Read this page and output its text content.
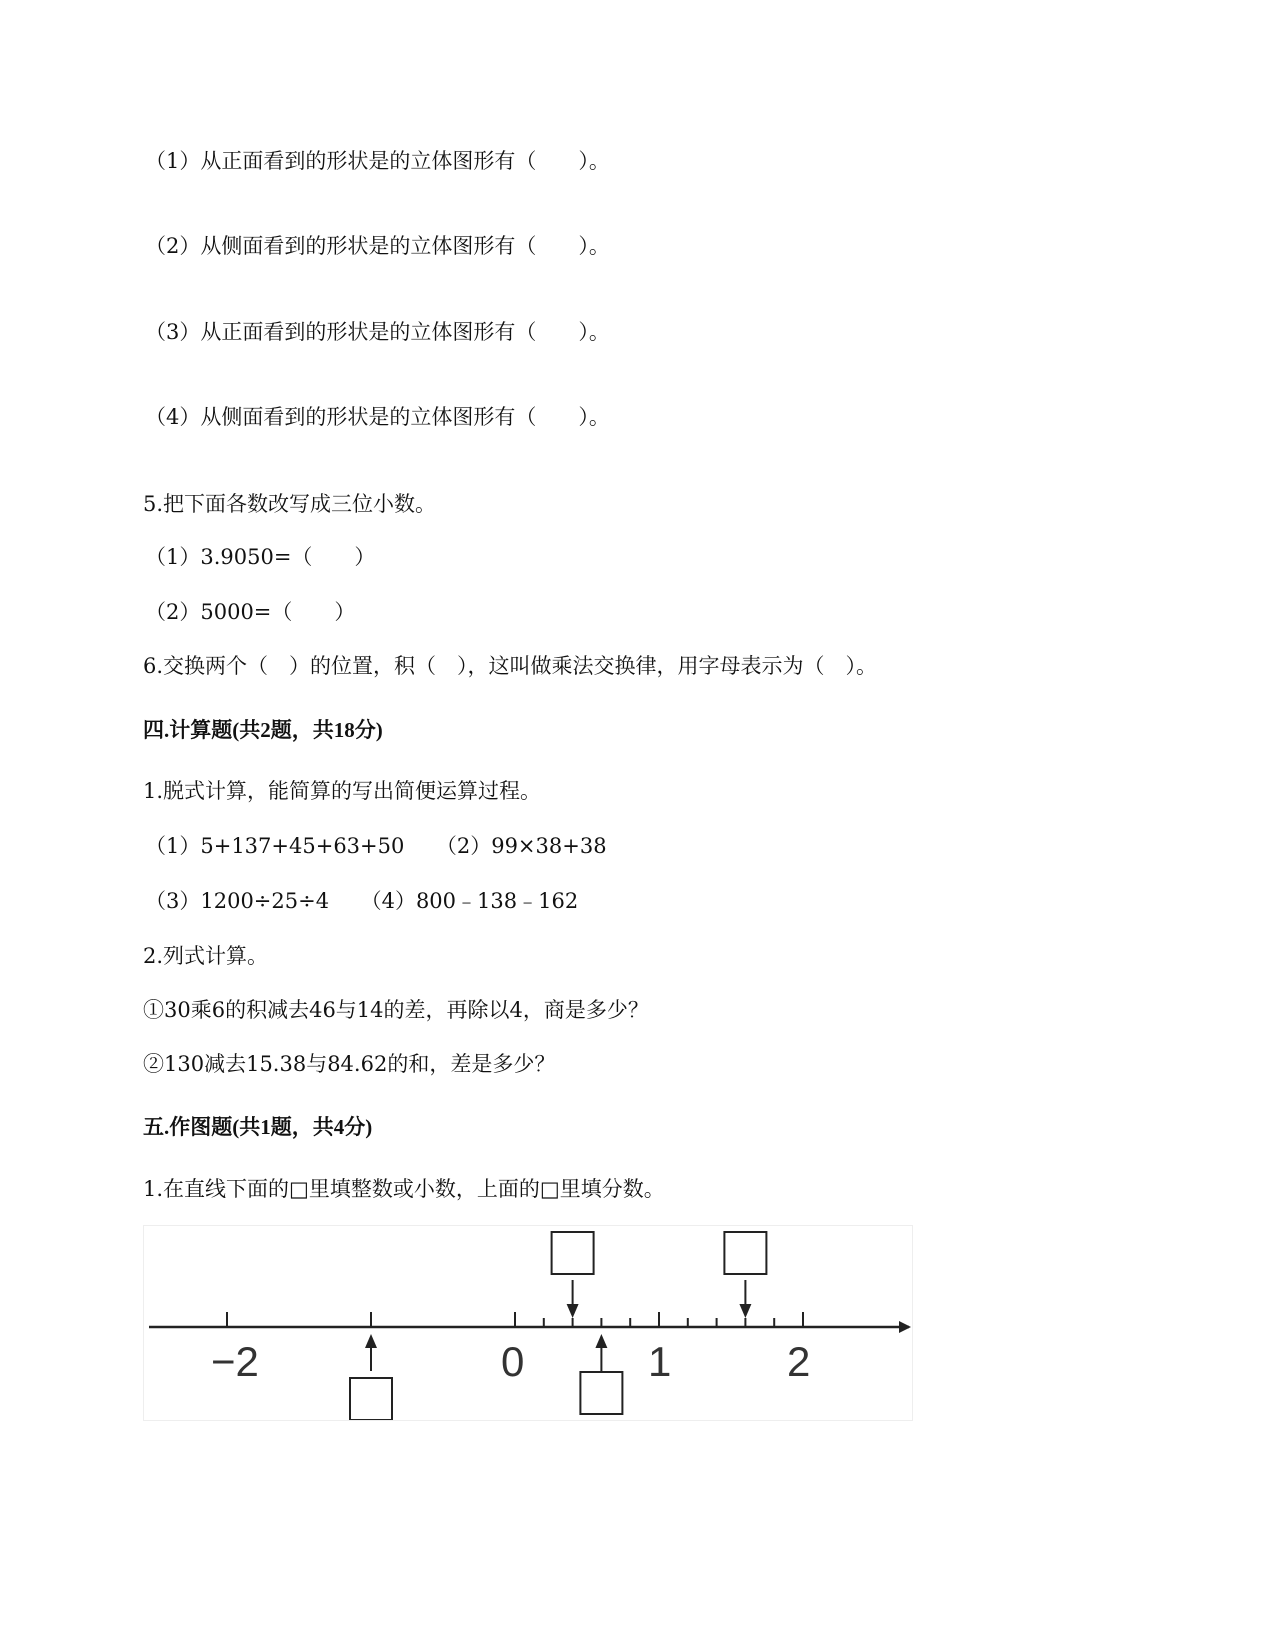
（1）从正面看到的形状是的立体图形有（　　）。
（2）从侧面看到的形状是的立体图形有（　　）。
（3）从正面看到的形状是的立体图形有（　　）。
（4）从侧面看到的形状是的立体图形有（　　）。
5.把下面各数改写成三位小数。
（1）3.9050=（　　）
（2）5000=（　　）
6.交换两个（　）的位置，积（　），这叫做乘法交换律，用字母表示为（　）。
四.计算题(共2题，共18分)
1.脱式计算，能简算的写出简便运算过程。
（1）5+137+45+63+50　　（2）99×38+38
（3）1200÷25÷4　　（4）800﹣138﹣162
2.列式计算。
①30乘6的积减去46与14的差，再除以4，商是多少？
②130减去15.38与84.62的和，差是多少？
五.作图题(共1题，共4分)
1.在直线下面的□里填整数或小数，上面的□里填分数。
−2	0	1	2
